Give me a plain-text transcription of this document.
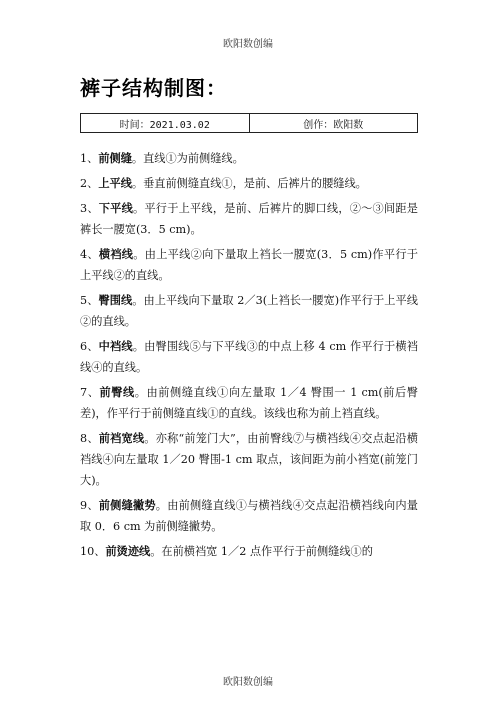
欧阳数创编
裤子结构制图：
时间：2021.03.02	创作：欧阳数

1、前侧缝。直线①为前侧缝线。

2、上平线。垂直前侧缝直线①，是前、后裤片的腰缝线。

3、下平线。平行于上平线，是前、后裤片的脚口线，②～③间距是裤长一腰宽(3．5 cm)。

4、横裆线。由上平线②向下量取上裆长一腰宽(3．5 cm)作平行于上平线②的直线。

5、臀围线。由上平线向下量取 2／3(上裆长一腰宽)作平行于上平线②的直线。

6、中裆线。由臀围线⑤与下平线③的中点上移 4 cm 作平行于横裆线④的直线。

7、前臀线。由前侧缝直线①向左量取 1／4 臀围一 1 cm(前后臀差)，作平行于前侧缝直线①的直线。该线也称为前上裆直线。

8、前裆宽线。亦称“前笼门大”，由前臀线⑦与横裆线④交点起沿横裆线④向左量取 1／20 臀围-1 cm 取点，该间距为前小裆宽(前笼门大)。

9、前侧缝撇势。由前侧缝直线①与横裆线④交点起沿横裆线向内量取 0．6 cm 为前侧缝撇势。

10、前烫迹线。在前横裆宽 1／2 点作平行于前侧缝线①的

欧阳数创编
